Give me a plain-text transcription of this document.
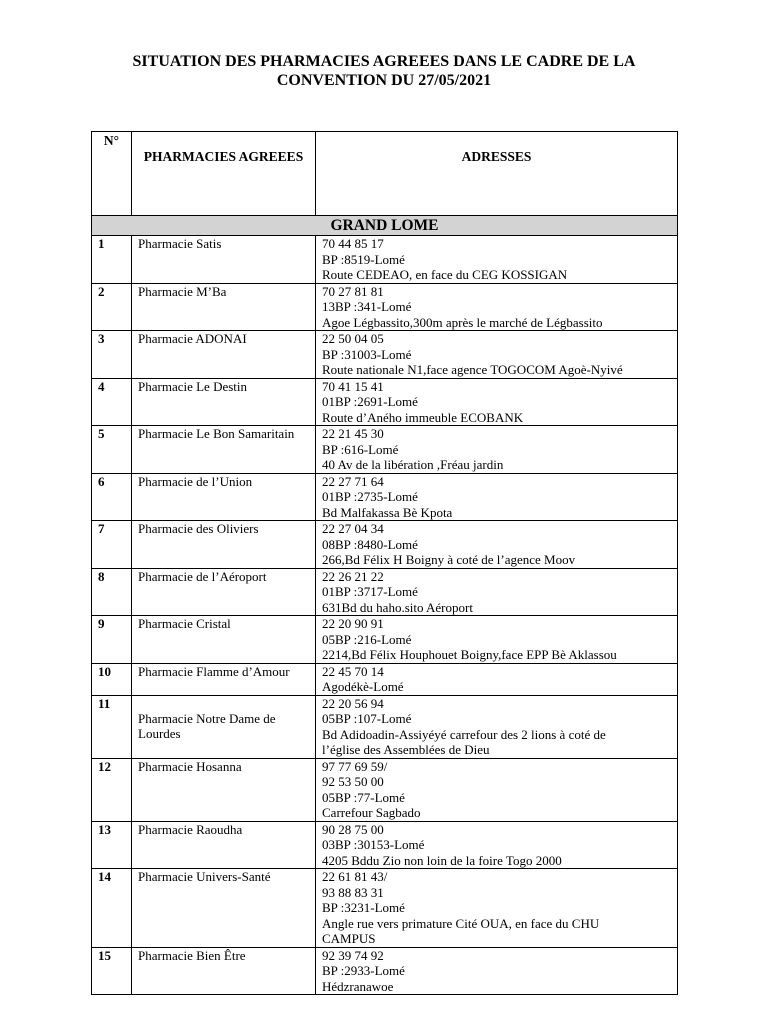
SITUATION DES PHARMACIES AGREEES DANS LE CADRE DE LA CONVENTION DU 27/05/2021
N°	PHARMACIES AGREEES	ADRESSES
GRAND LOME		
1	Pharmacie Satis	70 44 85 17
BP :8519-Lomé
Route CEDEAO, en face du CEG KOSSIGAN

2	Pharmacie M’Ba	70 27 81 81
13BP :341-Lomé
Agoe Légbassito,300m après le marché de Légbassito

3	Pharmacie ADONAI	22 50 04 05
BP :31003-Lomé
Route nationale N1,face agence TOGOCOM Agoè-Nyivé

4	Pharmacie Le Destin	70 41 15 41
01BP :2691-Lomé
Route d’Aného immeuble ECOBANK

5	Pharmacie Le Bon Samaritain	22 21 45 30
BP :616-Lomé
40 Av de la libération ,Fréau jardin

6	Pharmacie de l’Union	22 27 71 64
01BP :2735-Lomé
Bd Malfakassa Bè Kpota

7	Pharmacie des Oliviers	22 27 04 34
08BP :8480-Lomé
266,Bd Félix H Boigny à coté de l’agence Moov

8	Pharmacie de l’Aéroport	22 26 21 22
01BP :3717-Lomé
631Bd du haho.sito Aéroport

9	Pharmacie Cristal	22 20 90 91
05BP :216-Lomé
2214,Bd Félix Houphouet Boigny,face EPP Bè Aklassou

10	Pharmacie Flamme d’Amour	22 45 70 14
Agodékè-Lomé

11	Pharmacie Notre Dame de Lourdes	22 20 56 94
05BP :107-Lomé
Bd Adidoadin-Assiyéyé carrefour des 2 lions à coté de
l’église des Assemblées de Dieu

12	Pharmacie Hosanna	97 77 69 59/
92 53 50 00
05BP :77-Lomé
Carrefour Sagbado

13	Pharmacie Raoudha	90 28 75 00
03BP :30153-Lomé
4205 Bddu Zio non loin de la foire Togo 2000

14	Pharmacie Univers-Santé	22 61 81 43/
93 88 83 31
BP :3231-Lomé
Angle rue vers primature Cité OUA, en face du CHU
CAMPUS

15	Pharmacie Bien Être	92 39 74 92
BP :2933-Lomé
Hédzranawoe
